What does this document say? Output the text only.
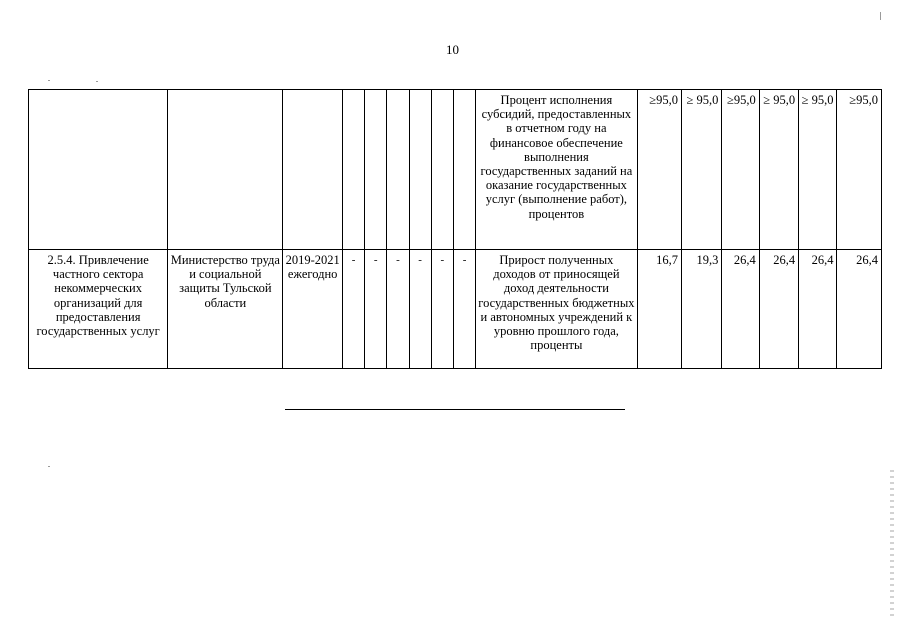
10
									Процент исполнения субсидий, предоставленных в отчетном году на финансовое обеспечение выполнения государственных заданий на оказание государственных услуг (выполнение работ), процентов	≥95,0	≥ 95,0	≥95,0	≥ 95,0	≥ 95,0	≥95,0
2.5.4. Привлечение частного сектора некоммерческих организаций для предоставления государственных услуг	Министерство труда и социальной защиты Тульской области	2019-2021 ежегодно	-	-	-	-	-	-	Прирост полученных доходов от приносящей доход деятельности государственных бюджетных и автономных учреждений к уровню прошлого года, проценты	16,7	19,3	26,4	26,4	26,4	26,4
